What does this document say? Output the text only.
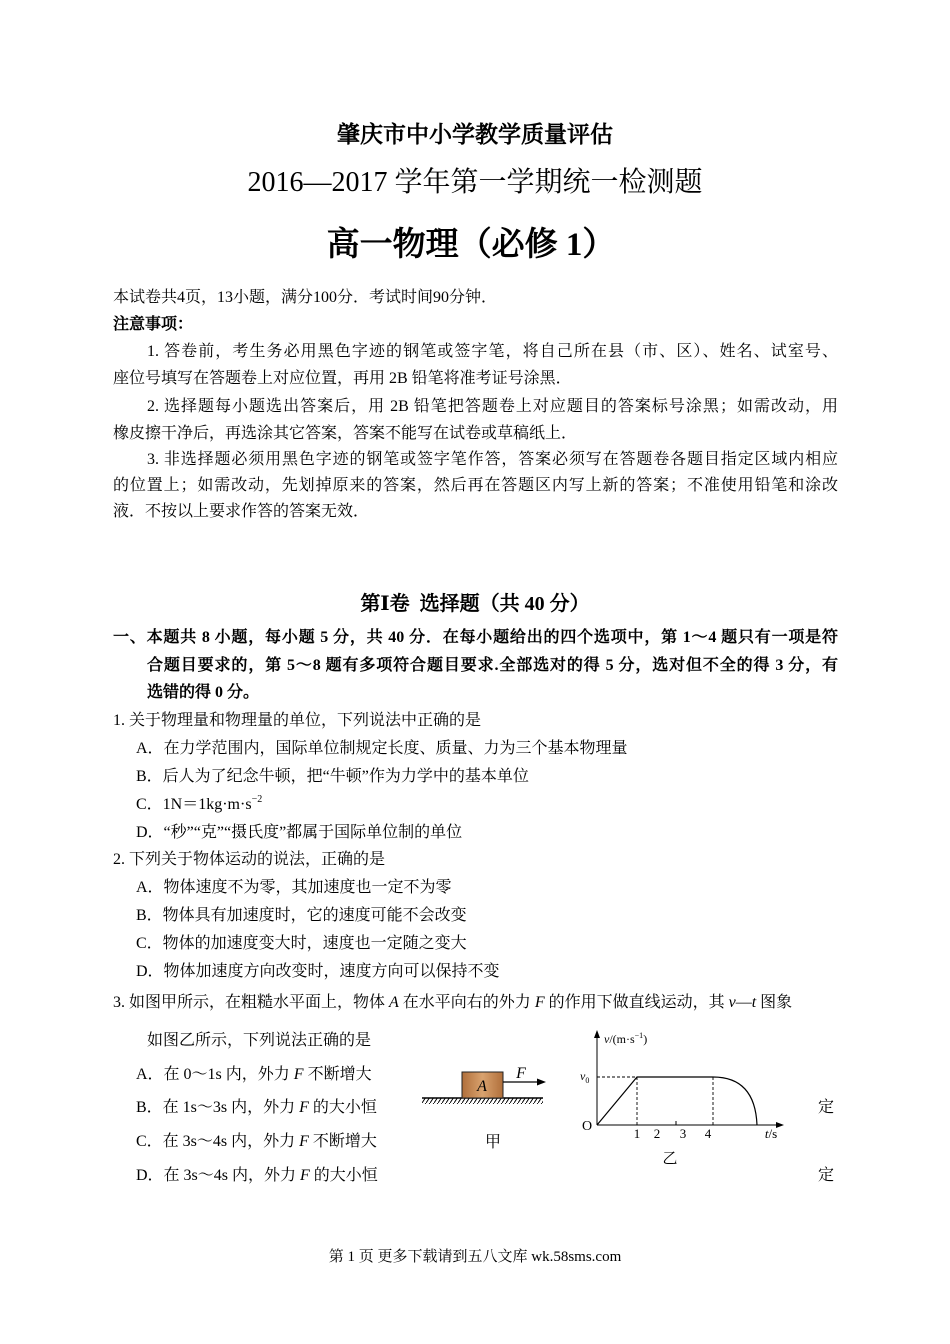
肇庆市中小学教学质量评估
2016—2017 学年第一学期统一检测题
高一物理（必修 1）
本试卷共4页，13小题，满分100分．考试时间90分钟．
注意事项：
1. 答卷前，考生务必用黑色字迹的钢笔或签字笔，将自己所在县（市、区）、姓名、试室号、
座位号填写在答题卷上对应位置，再用 2B 铅笔将准考证号涂黑．
2. 选择题每小题选出答案后，用 2B 铅笔把答题卷上对应题目的答案标号涂黑；如需改动，用
橡皮擦干净后，再选涂其它答案，答案不能写在试卷或草稿纸上．
3. 非选择题必须用黑色字迹的钢笔或签字笔作答，答案必须写在答题卷各题目指定区域内相应
的位置上；如需改动，先划掉原来的答案，然后再在答题区内写上新的答案；不准使用铅笔和涂改
液．不按以上要求作答的答案无效．
第Ⅰ卷  选择题（共 40 分）
一、本题共 8 小题，每小题 5 分，共 40 分．在每小题给出的四个选项中，第 1～4 题只有一项是符
合题目要求的，第 5～8 题有多项符合题目要求.全部选对的得 5 分，选对但不全的得 3 分，有
选错的得 0 分。
1. 关于物理量和物理量的单位，下列说法中正确的是
A．在力学范围内，国际单位制规定长度、质量、力为三个基本物理量
B．后人为了纪念牛顿，把“牛顿”作为力学中的基本单位
C．$1N=1kg\cdot m\cdot s^{-2}$
D．“秒”“克”“摄氏度”都属于国际单位制的单位
2. 下列关于物体运动的说法，正确的是
A．物体速度不为零，其加速度也一定不为零
B．物体具有加速度时，它的速度可能不会改变
C．物体的加速度变大时，速度也一定随之变大
D．物体加速度方向改变时，速度方向可以保持不变
3. 如图甲所示，在粗糙水平面上，物体 A 在水平向右的外力 F 的作用下做直线运动，其 v—t 图象
如图乙所示，下列说法正确的是
A．在 0～1s 内，外力 F 不断增大
B．在 1s～3s 内，外力 F 的大小恒	定
C．在 3s～4s 内，外力 F 不断增大
D．在 3s～4s 内，外力 F 的大小恒	定
A
F
甲
$v/(m\cdot s^{-1})$
$v_0$
O	1 2 3 4	t/s
乙
第 1 页 更多下载请到五八文库 wk.58sms.com
